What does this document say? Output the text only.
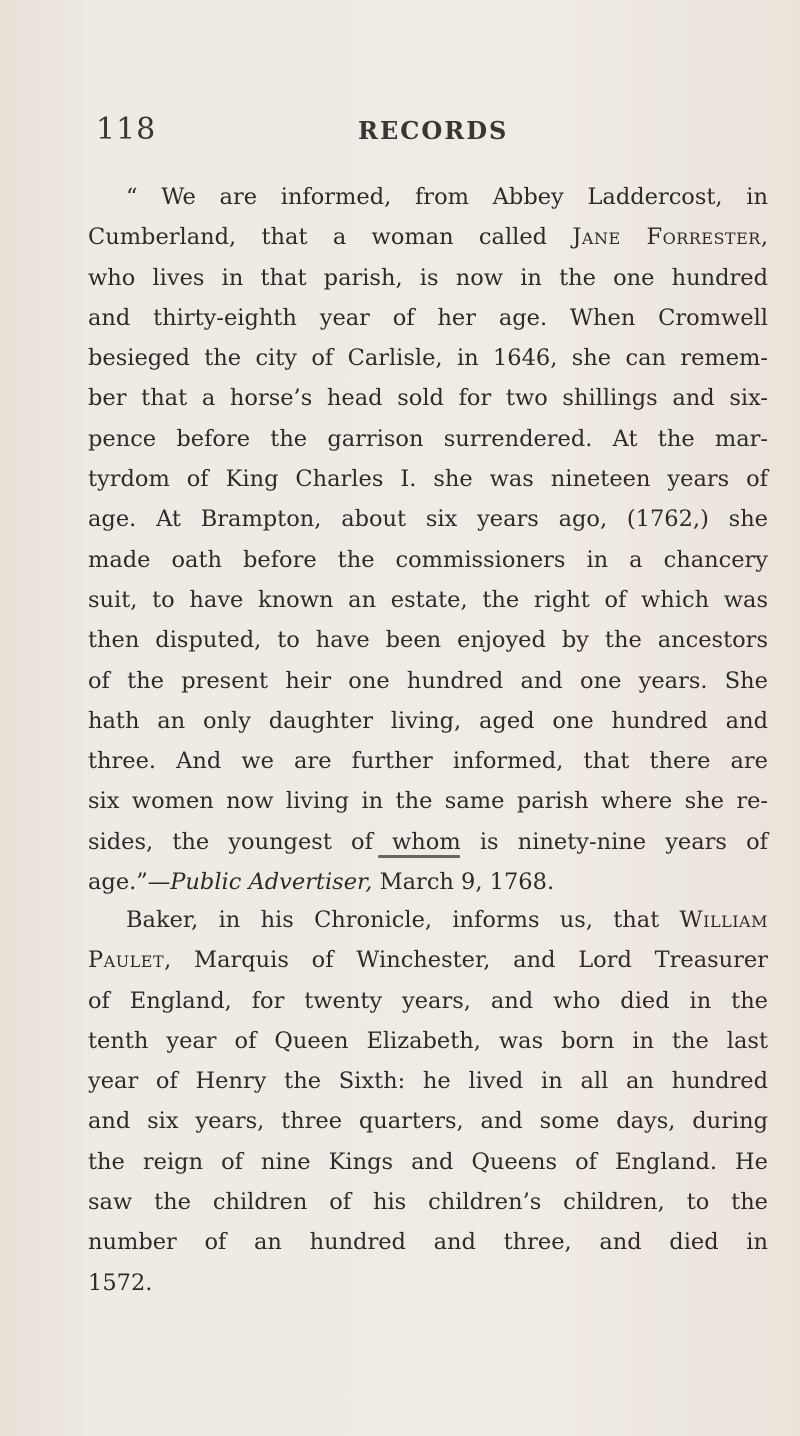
118	RECORDS
“ We are informed, from Abbey Laddercost, in
Cumberland, that a woman called Jane Forrester,
who lives in that parish, is now in the one hundred
and thirty-eighth year of her age. When Cromwell
besieged the city of Carlisle, in 1646, she can remem-
ber that a horse’s head sold for two shillings and six-
pence before the garrison surrendered. At the mar-
tyrdom of King Charles I. she was nineteen years of
age. At Brampton, about six years ago, (1762,) she
made oath before the commissioners in a chancery
suit, to have known an estate, the right of which was
then disputed, to have been enjoyed by the ancestors
of the present heir one hundred and one years. She
hath an only daughter living, aged one hundred and
three. And we are further informed, that there are
six women now living in the same parish where she re-
sides, the youngest of whom is ninety-nine years of
age.”—Public Advertiser, March 9, 1768.
Baker, in his Chronicle, informs us, that William
Paulet, Marquis of Winchester, and Lord Treasurer
of England, for twenty years, and who died in the
tenth year of Queen Elizabeth, was born in the last
year of Henry the Sixth: he lived in all an hundred
and six years, three quarters, and some days, during
the reign of nine Kings and Queens of England. He
saw the children of his children’s children, to the
number of an hundred and three, and died in
1572.
